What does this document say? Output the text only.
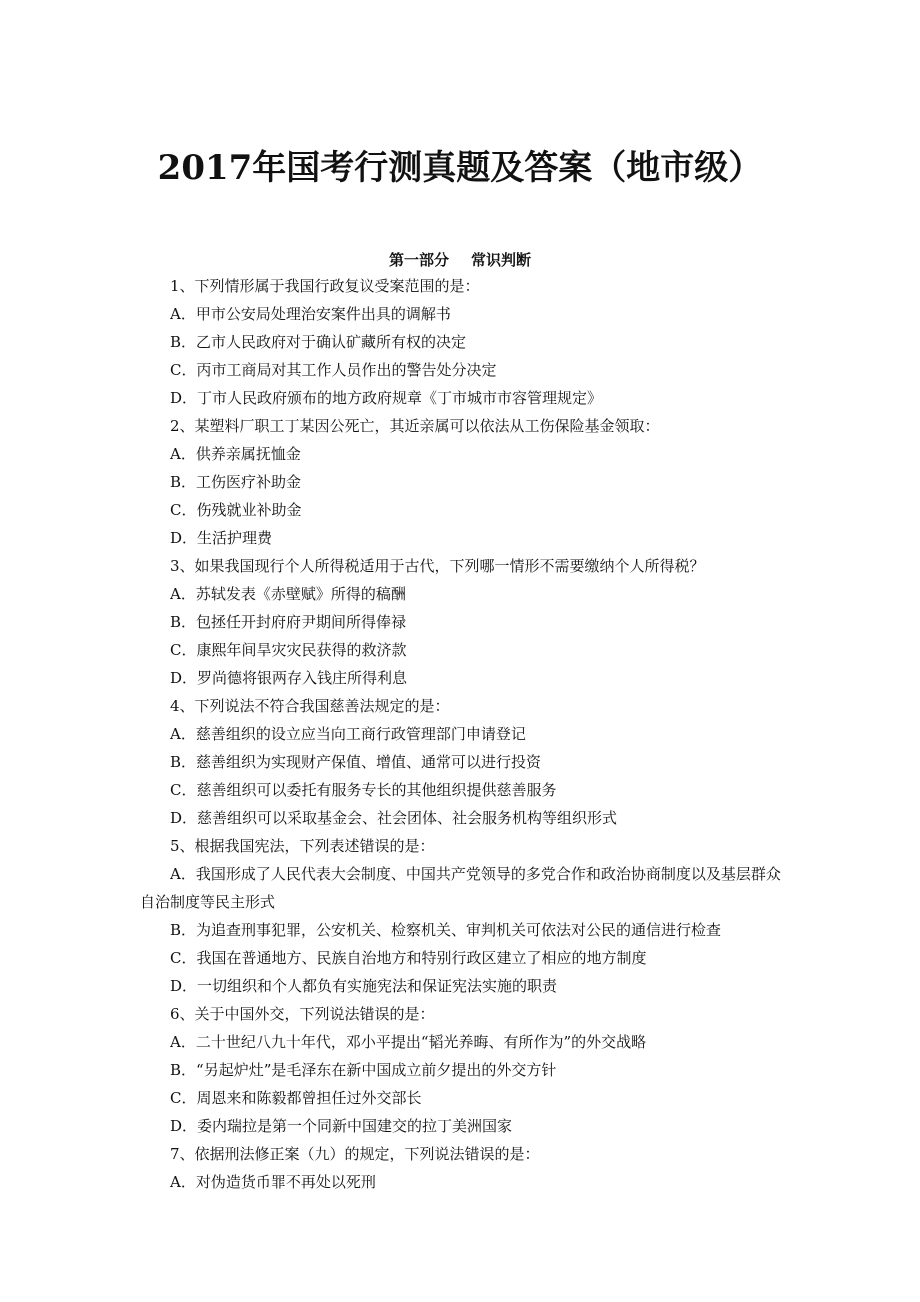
2017年国考行测真题及答案（地市级）
第一部分 常识判断
1、下列情形属于我国行政复议受案范围的是：
A．甲市公安局处理治安案件出具的调解书
B．乙市人民政府对于确认矿藏所有权的决定
C．丙市工商局对其工作人员作出的警告处分决定
D．丁市人民政府颁布的地方政府规章《丁市城市市容管理规定》
2、某塑料厂职工丁某因公死亡，其近亲属可以依法从工伤保险基金领取：
A．供养亲属抚恤金
B．工伤医疗补助金
C．伤残就业补助金
D．生活护理费
3、如果我国现行个人所得税适用于古代，下列哪一情形不需要缴纳个人所得税？
A．苏轼发表《赤壁赋》所得的稿酬
B．包拯任开封府府尹期间所得俸禄
C．康熙年间旱灾灾民获得的救济款
D．罗尚德将银两存入钱庄所得利息
4、下列说法不符合我国慈善法规定的是：
A．慈善组织的设立应当向工商行政管理部门申请登记
B．慈善组织为实现财产保值、增值、通常可以进行投资
C．慈善组织可以委托有服务专长的其他组织提供慈善服务
D．慈善组织可以采取基金会、社会团体、社会服务机构等组织形式
5、根据我国宪法，下列表述错误的是：
A．我国形成了人民代表大会制度、中国共产党领导的多党合作和政治协商制度以及基层群众自治制度等民主形式
B．为追查刑事犯罪，公安机关、检察机关、审判机关可依法对公民的通信进行检查
C．我国在普通地方、民族自治地方和特别行政区建立了相应的地方制度
D．一切组织和个人都负有实施宪法和保证宪法实施的职责
6、关于中国外交，下列说法错误的是：
A．二十世纪八九十年代，邓小平提出“韬光养晦、有所作为”的外交战略
B．“另起炉灶”是毛泽东在新中国成立前夕提出的外交方针
C．周恩来和陈毅都曾担任过外交部长
D．委内瑞拉是第一个同新中国建交的拉丁美洲国家
7、依据刑法修正案（九）的规定，下列说法错误的是：
A．对伪造货币罪不再处以死刑
